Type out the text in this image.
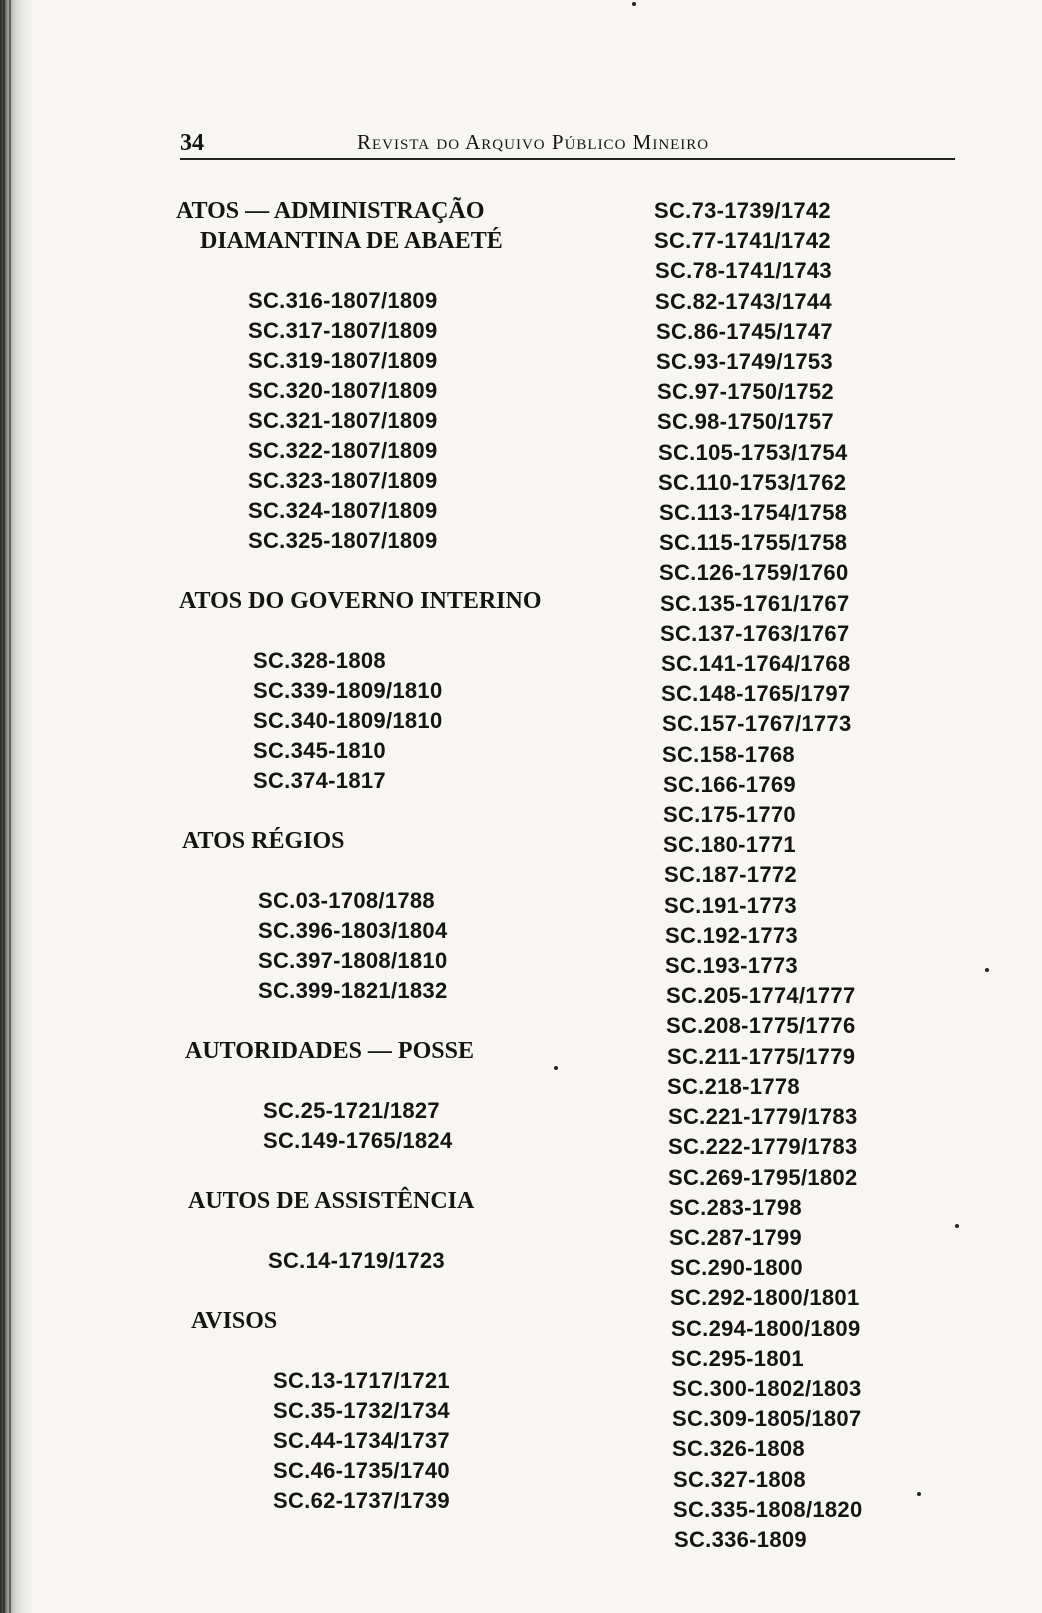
34	Revista do Arquivo Público Mineiro
ATOS — ADMINISTRAÇÃO
DIAMANTINA DE ABAETÉ
SC.316-1807/1809
SC.317-1807/1809
SC.319-1807/1809
SC.320-1807/1809
SC.321-1807/1809
SC.322-1807/1809
SC.323-1807/1809
SC.324-1807/1809
SC.325-1807/1809
ATOS DO GOVERNO INTERINO
SC.328-1808
SC.339-1809/1810
SC.340-1809/1810
SC.345-1810
SC.374-1817
ATOS RÉGIOS
SC.03-1708/1788
SC.396-1803/1804
SC.397-1808/1810
SC.399-1821/1832
AUTORIDADES — POSSE
SC.25-1721/1827
SC.149-1765/1824
AUTOS DE ASSISTÊNCIA
SC.14-1719/1723
AVISOS
SC.13-1717/1721
SC.35-1732/1734
SC.44-1734/1737
SC.46-1735/1740
SC.62-1737/1739
SC.73-1739/1742
SC.77-1741/1742
SC.78-1741/1743
SC.82-1743/1744
SC.86-1745/1747
SC.93-1749/1753
SC.97-1750/1752
SC.98-1750/1757
SC.105-1753/1754
SC.110-1753/1762
SC.113-1754/1758
SC.115-1755/1758
SC.126-1759/1760
SC.135-1761/1767
SC.137-1763/1767
SC.141-1764/1768
SC.148-1765/1797
SC.157-1767/1773
SC.158-1768
SC.166-1769
SC.175-1770
SC.180-1771
SC.187-1772
SC.191-1773
SC.192-1773
SC.193-1773
SC.205-1774/1777
SC.208-1775/1776
SC.211-1775/1779
SC.218-1778
SC.221-1779/1783
SC.222-1779/1783
SC.269-1795/1802
SC.283-1798
SC.287-1799
SC.290-1800
SC.292-1800/1801
SC.294-1800/1809
SC.295-1801
SC.300-1802/1803
SC.309-1805/1807
SC.326-1808
SC.327-1808
SC.335-1808/1820
SC.336-1809
